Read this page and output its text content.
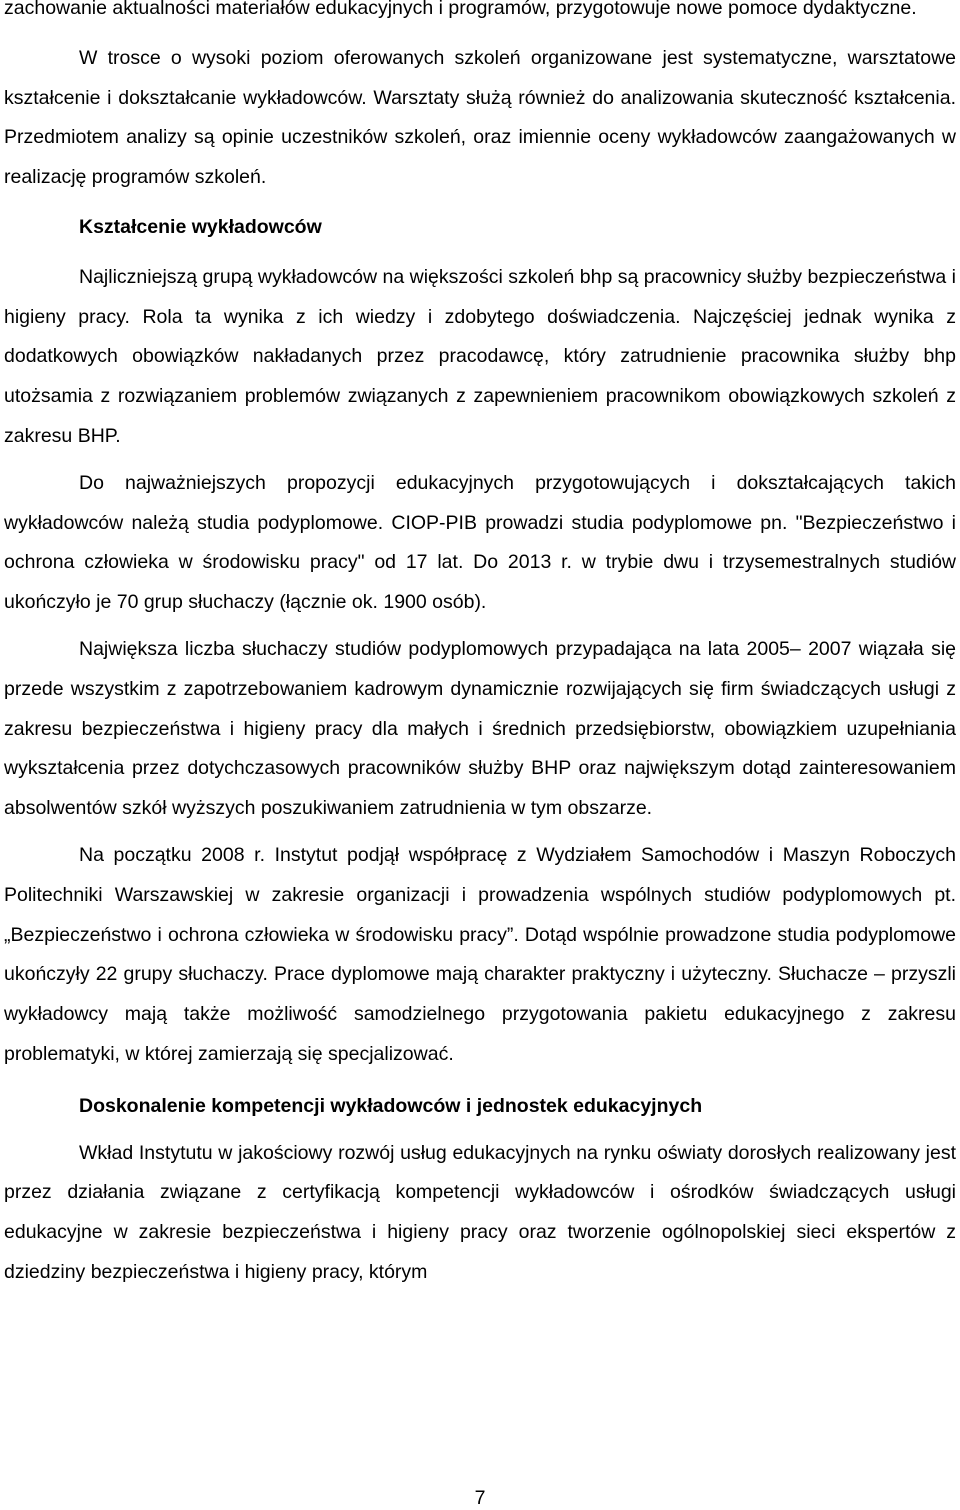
zachowanie aktualności materiałów edukacyjnych i programów, przygotowuje nowe pomoce dydaktyczne.

W trosce o wysoki poziom oferowanych szkoleń organizowane jest systematyczne, warsztatowe kształcenie i dokształcanie wykładowców. Warsztaty służą również do analizowania skuteczność kształcenia. Przedmiotem analizy są opinie uczestników szkoleń, oraz imiennie oceny wykładowców zaangażowanych w realizację programów szkoleń.

Kształcenie wykładowców

Najliczniejszą grupą wykładowców na większości szkoleń bhp są pracownicy służby bezpieczeństwa i higieny pracy. Rola ta wynika z ich wiedzy i zdobytego doświadczenia. Najczęściej jednak wynika z dodatkowych obowiązków nakładanych przez pracodawcę, który zatrudnienie pracownika służby bhp utożsamia z rozwiązaniem problemów związanych z zapewnieniem pracownikom obowiązkowych szkoleń z zakresu BHP.

Do najważniejszych propozycji edukacyjnych przygotowujących i dokształcających takich wykładowców należą studia podyplomowe. CIOP-PIB prowadzi studia podyplomowe pn. "Bezpieczeństwo i ochrona człowieka w środowisku pracy" od 17 lat. Do 2013 r. w trybie dwu i trzysemestralnych studiów ukończyło je 70 grup słuchaczy (łącznie ok. 1900 osób).

Największa liczba słuchaczy studiów podyplomowych przypadająca na lata 2005– 2007 wiązała się przede wszystkim z zapotrzebowaniem kadrowym dynamicznie rozwijających się firm świadczących usługi z zakresu bezpieczeństwa i higieny pracy dla małych i średnich przedsiębiorstw, obowiązkiem uzupełniania wykształcenia przez dotychczasowych pracowników służby BHP oraz największym dotąd zainteresowaniem absolwentów szkół wyższych poszukiwaniem zatrudnienia w tym obszarze.

Na początku 2008 r. Instytut podjął współpracę z Wydziałem Samochodów i Maszyn Roboczych Politechniki Warszawskiej w zakresie organizacji i prowadzenia wspólnych studiów podyplomowych pt. „Bezpieczeństwo i ochrona człowieka w środowisku pracy”. Dotąd wspólnie prowadzone studia podyplomowe ukończyły 22 grupy słuchaczy. Prace dyplomowe mają charakter praktyczny i użyteczny. Słuchacze – przyszli wykładowcy mają także możliwość samodzielnego przygotowania pakietu edukacyjnego z zakresu problematyki, w której zamierzają się specjalizować.

Doskonalenie kompetencji wykładowców i jednostek edukacyjnych

Wkład Instytutu w jakościowy rozwój usług edukacyjnych na rynku oświaty dorosłych realizowany jest przez działania związane z certyfikacją kompetencji wykładowców i ośrodków świadczących usługi edukacyjne w zakresie bezpieczeństwa i higieny pracy oraz tworzenie ogólnopolskiej sieci ekspertów z dziedziny bezpieczeństwa i higieny pracy, którym

7
